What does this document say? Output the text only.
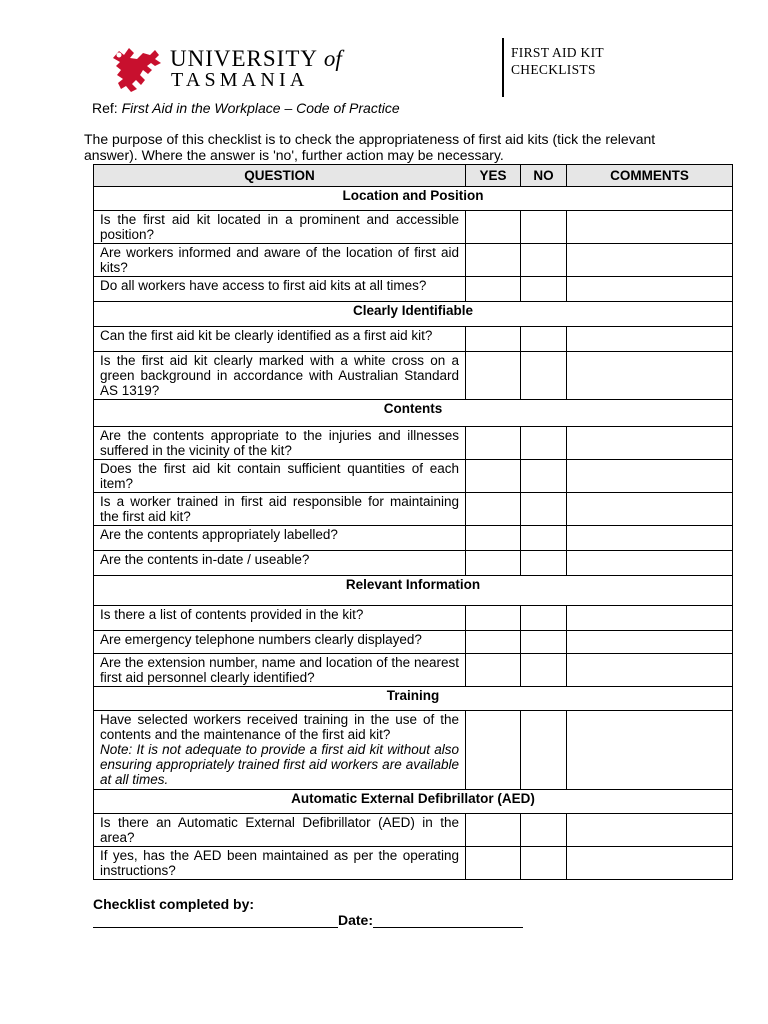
UNIVERSITY of
TASMANIA
FIRST AID KIT
CHECKLISTS
Ref: First Aid in the Workplace – Code of Practice
The purpose of this checklist is to check the appropriateness of first aid kits (tick the relevant answer). Where the answer is 'no', further action may be necessary.
QUESTION	YES	NO	COMMENTS
Location and Position			
Is the first aid kit located in a prominent and accessible position?			
Are workers informed and aware of the location of first aid kits?			
Do all workers have access to first aid kits at all times?			
Clearly Identifiable			
Can the first aid kit be clearly identified as a first aid kit?			
Is the first aid kit clearly marked with a white cross on a green background in accordance with Australian Standard AS 1319?			
Contents			
Are the contents appropriate to the injuries and illnesses suffered in the vicinity of the kit?			
Does the first aid kit contain sufficient quantities of each item?			
Is a worker trained in first aid responsible for maintaining the first aid kit?			
Are the contents appropriately labelled?			
Are the contents in-date / useable?			
Relevant Information			
Is there a list of contents provided in the kit?			
Are emergency telephone numbers clearly displayed?			
Are the extension number, name and location of the nearest first aid personnel clearly identified?			
Training			
Have selected workers received training in the use of the contents and the maintenance of the first aid kit?
Note: It is not adequate to provide a first aid kit without also ensuring appropriately trained first aid workers are available at all times.			

Automatic External Defibrillator (AED)			
Is there an Automatic External Defibrillator (AED) in the area?			
If yes, has the AED been maintained as per the operating instructions?			
Checklist completed by:
Date:
